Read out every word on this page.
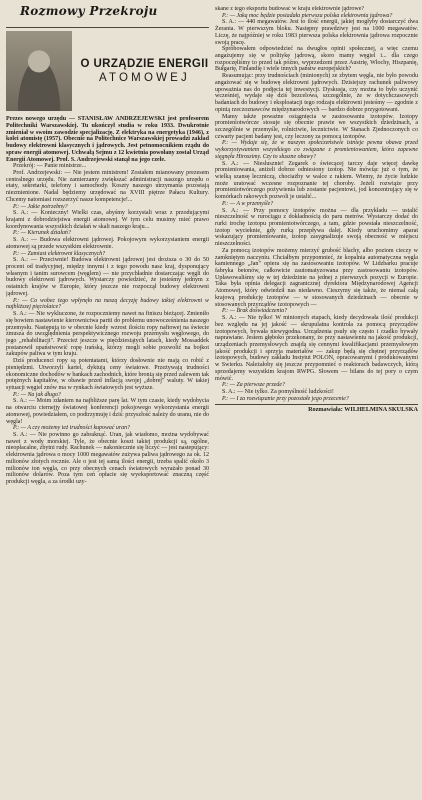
Rozmowy Przekroju
O URZĄDZIE ENERGII
ATOMOWEJ

Prezes nowego urzędu — STANISŁAW ANDRZEJEWSKI jest profesorem Politechniki Warszawskiej. Tu ukończył studia w roku 1933. Dwukrotnie zmieniał w swoim zawodzie specjalizację. Z elektryka na energetyka (1946), z kolei atomistę (1957). Obecnie na Politechnice Warszawskiej prowadzi zakład budowy elektrowni klasycznych i jądrowych. Jest petnomocnikiem rządu do spraw energii atomowej. Uchwałą Sejmu z 12 kwietnia powołany został Urząd Energii Atomowej. Prof. S. Andrzejewski stanął na jego czele.

Przekrój: — Panie ministrze...

Prof. Andrzejewski: — Nie jestem ministrem! Zostałem mianowany prezesem centralnego urzędu. Nie zamierzamy zwiększać administracji naszego urzędu o etaty, sekretarki, telefony i samochody. Koszty naszego utrzymania pozostają niezmienione. Nadal będziemy urzędować na XVIII piętrze Pałacu Kultury. Chcemy natomiast rozszerzyć nasze kompetencje!...

P.: — Jakie potrzebny?

S. A.: — Konieczny! Wielki czas, abyśmy korzystali wraz z przodującymi krajami z dobrodziejstwa energii atomowej. W tym celu musimy mieć prawo koordynowania wszystkich działań w skali naszego kraju...

P.: — Kierunek działań?

S. A.: — Budowa elektrowni jądrowej. Pokojowym wykorzystaniem energii atomowej są przede wszystkim elektrownie.

P.: — Zamiast elektrowni klasycznych?

S. A.: — Przeciwnie! Budowa elektrowni jądrowej jest droższa o 30 do 50 procent od tradycyjnej, między innymi i z tego powodu nasz kraj, dysponujący własnym i tanim surowcem (węglem) — nie przychładnie dostarczając węgli do budowy elektrowni jądrowych. Wystarczy powiedzieć, że jesteśmy jednym z ostatnich krajów w Europie, który jeszcze nie rozpoczął budowy elektrowni jądrowej.

P.: — Co wobec tego wpłynęło na naszą decyzję budowy takiej elektrowni w najbliższej pięciolatce?

S. A.: — Nie wykluczone, że rozpoczniemy nawet na finiszu bieżącej. Zmieniło się bowiem nastawienie kierownictwa partii do problemu unowocześnienia naszego przemysłu. Następują to w obecnie kiedy wzrost ilościu ropy naftowej na świecie zmusza do uwzględnienia perspektywicznego rozwoju przemysłu węglowego, do jego „rehabilitacji". Przecież jeszcze w pięćdziesiątych latach, kiedy Mossaddek postanowił upaństwowić ropę irańską, którzy mogli sobie pozwolić na bojkot zakupów paliwa w tym kraju.

Dziś producenci ropy są potentatami, którzy dosłownie nie mają co robić z pieniędzmi. Utworzyli kartel, dyktują ceny światowe. Przeżywają trudności ekonomiczne dochodów w bankach zachodnich, które bronią się przed zalewem tak potężnych kapitałów, w obawie przed inflacją swojej „dobrej" waluty. W takiej sytuacji węgiel znów ma w rynkach światowych jest wyższe.

P.: — Na jak długo?

S. A.: — Moim zdaniem na najbliższe parę lat. W tym czasie, kiedy wydobycia na otwarciu ciernejjy światowej konferencji pokojowego wykorzystania energii atomowej, powiedziałem, co podtrzymuję i dziś: przyszłość należy do uranu, nie do węgla!

P.: — A czy możemy też trudności kupować uran?

S. A.: — Nie powinno go zabraknąć. Uran, jak wiadomo, można wydobywać nawet z wody morskiej. Tyle, że obecnie koszt takiej produkcji są, ogólne, nieopłacalne, zbytni rudy. Rachunek — nakoniecznie się liczyć — jest nastepujący: elektrownia jądrowa o mocy 1000 megawatów zużywa paliwa jądrowego za ok. 12 milionów złotych rocznie. Ale o jest tej samą ilości energii, trzeba spalić około 3 milionów ton węgla, co przy obecnych cenach światowych wyrażało ponad 30 milionów dolarów. Poza tym ceń opłacie się wyeksportować znaczną część produkcji węgla, a za środki uzy-

skane z tego eksportu budować w kraju elektrownie jądrowe?

P.: — Jaką moc będzie posiadała pierwsza polska elektrownia jądrowa?

S. A.: — 440 megawatów. Jest to ilość energii, jakiej mogłyby dostarczyć dwa Żerania. W pierwszym bloku. Następny prawdziwy jest na 1000 megawatów. Liczę, że najpóźniej w roku 1983 pierwsza polska elektrownia jądrowa rozpocznie swoją pracę.

Spróbowałem odpowiedzieć na dwugłos opinii społecznej, a więc czemu angażujemy się w politykę jądrową, skoro mamy węgiel i... dla czego rozpoczęliśmy to przed tak późno, wyprzedzeni przez Austrię, Włochy, Hiszpanię, Bułgarię, Finlandię i wiele innych państw europejskich?

Reasumując: przy trudnościach (minionych) ze zbytem węgla, nie było powodu angażować się w budowę elektrowni jądrowych. Dzisiejszy rachunek paliwowy upoważnia nas do podjęcia tej inwestycji. Dyskusja, czy można to było uczynić wcześniej, wydaje się dziś bezcelowa, szczególnie, że w dotychczasowych badaniach do budowy i eksploatacji tego rodzaju elektrowni jesteśmy — zgodnie z opinią rzeczoznawców międzynarodowych — bardzo dobrze przygotowani.

Mamy także poważne osiągnięcia w zastosowaniu izotopów. Izotopy promieniotwórcze stosuje się obecnie prawie we wszystkich dziedzinach, a szczególnie w przemyśle, rolnictwie, lecznictwie. W Stanach Zjednoczonych co czwarty pacjent badany jest, czy leczony za pomocą izotopów.

P.: — Wydaje się, że w naszym społeczeństwie istnieje pewna obawa przed wykorzystywaniem wszystkiego co związane z promieniowaniem, która zapewne sięgnęła Hiroszimy. Czy to słuszne obawy?

S. A.: — Nieslusznie! Zegarek o świecącej tarczy daje więcej dawkę promieniowania, aniżeli dobrze odniesiony izotop. Nie mówiąc już o tym, że wielką szansę leczniczą, chociażby w walce z rakiem. Wiemy, że życie ludzkie może uratować wczesne rozpoznanie tej choroby. Jeżeli rozwiąże przy promieniotwórczego pożywienia lub zostanie pacjentowi, jod koncentrujący się w komórkach rakowych pozwoli je ustalić...

P.: — A w przemyśle?

S. A.: — Przy pomocy izotopów można — dla przykładu — ustalić nieszczelność w rurociągu z dokładnością do paru metrów. Wystarczy dodać do rurki trochę izotopu promieniotwórczego, a tam, gdzie powstała nieszczelność, izotop wycieknie, gdy rurką przepływa dalej. Kiedy uruchomimy aparat wskazujący promieniowanie, izotop zasygnalizuje swoją obecność w miejscu nieszczelności.

Za pomocą izotopów możemy mierzyć grubość blachy, albo poziom cieczy w zamkniętym naczyniu. Chciałbym przypomnieć, że kopalnia automatyczna węgla kamiennego „Jan" opiera się na zastosowaniu izotopów. W Lidzbarku pracuje fabryka betonów, całkowicie zautomatyzowana przy zastosowaniu izotopów. Upławowaliśmy się w tej dziedzinie na jednej z pierwszych pozycji w Europie. Taka była opinia delegacji zagranicznej dyrektora Międzynarodowej Agencji Atomowej, który odwiedził nas niedawno. Cieszymy się także, że niemal całą krajową produkcję izotopów — w stosowanych dziedzinach — obecnie w stosowanych przyrządów izotopowych —

P.: — Brak doświadczenia?

S. A.: — Nie tylko! W minionych etapach, kiedy decydowała ilość produkcji bez względu na jej jakość — skrupulatna kontrola za pomocą przyrządów izotopowych, bywała niewygodna. Urządzenia psuły się często i rzadko bywały naprawiane. Jestem głęboko przekonany, że przy nastawieniu na jakość produkcji, urządzeniach przemysłowych znajdą się cennymi kwalifikacjami przemysłowym jakość produkcji i sprzyja materiałów — zakup będą się chętnej przyrządów izotopowych, budowy zakładu Instytut POLON, opracowanymi i produkowanymi w Swierku. Należałoby się jeszcze przypomnieć o reaktorach badawczych, którą sprzedajemy wszystkim krajom RWPG. Słowem — bilans do tej pory o czym mówić.

P.: — Za pierwsze przede?

S. A.: — Nie tylko. Za pomyślność ludzkości!

P.: — I za rozwiązanie przy pozostałe jego przecenie?

Rozmawiała: WILHELMINA SKULSKA
